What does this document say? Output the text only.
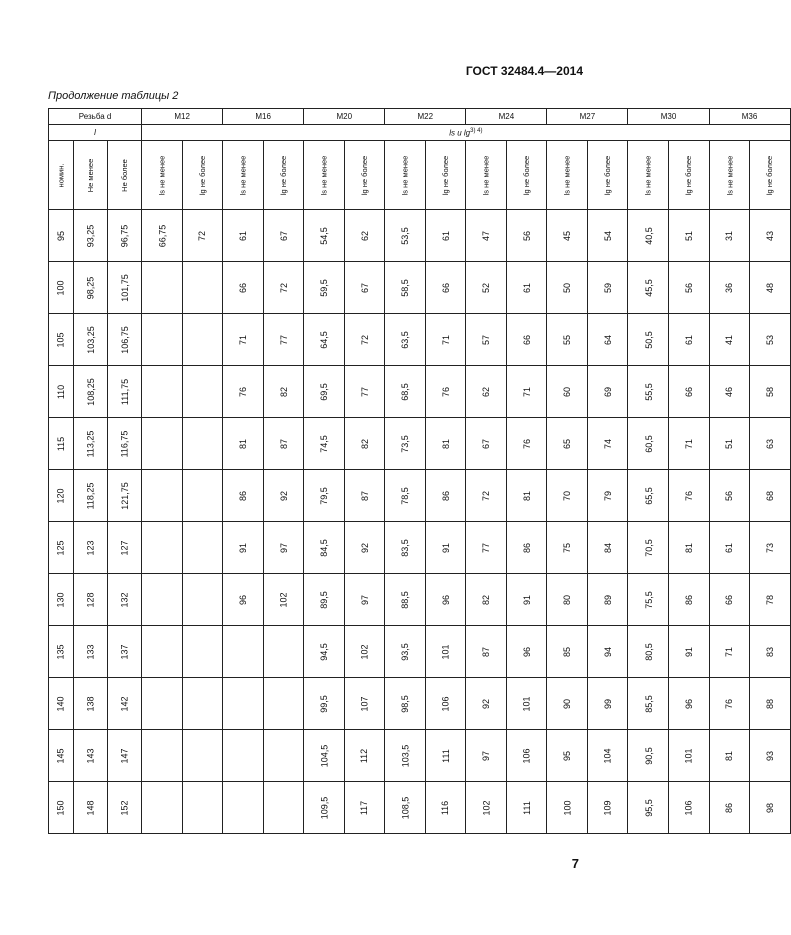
ГОСТ 32484.4—2014
Продолжение таблицы 2
Резьба d			M12		M16		M20		M22		M24		M27		M30		M36	
l			ls и $\lg^{3) 4)}$
номин.	Не менее	Не более	ls не менее	lg не более	ls не менее	lg не более	ls не менее	lg не более	ls не менее	lg не более	ls не менее	lg не более	ls не менее	lg не более	ls не менее	lg не более	ls не менее	lg не более
95	93,25	96,75	66,75	72	61	67	54,5	62	53,5	61	47	56	45	54	40,5	51	31	43
100	98,25	101,75			66	72	59,5	67	58,5	66	52	61	50	59	45,5	56	36	48
105	103,25	106,75			71	77	64,5	72	63,5	71	57	66	55	64	50,5	61	41	53
110	108,25	111,75			76	82	69,5	77	68,5	76	62	71	60	69	55,5	66	46	58
115	113,25	116,75			81	87	74,5	82	73,5	81	67	76	65	74	60,5	71	51	63
120	118,25	121,75			86	92	79,5	87	78,5	86	72	81	70	79	65,5	76	56	68
125	123	127			91	97	84,5	92	83,5	91	77	86	75	84	70,5	81	61	73
130	128	132			96	102	89,5	97	88,5	96	82	91	80	89	75,5	86	66	78
135	133	137					94,5	102	93,5	101	87	96	85	94	80,5	91	71	83
140	138	142					99,5	107	98,5	106	92	101	90	99	85,5	96	76	88
145	143	147					104,5	112	103,5	111	97	106	95	104	90,5	101	81	93
150	148	152					109,5	117	108,5	116	102	111	100	109	95,5	106	86	98
7
